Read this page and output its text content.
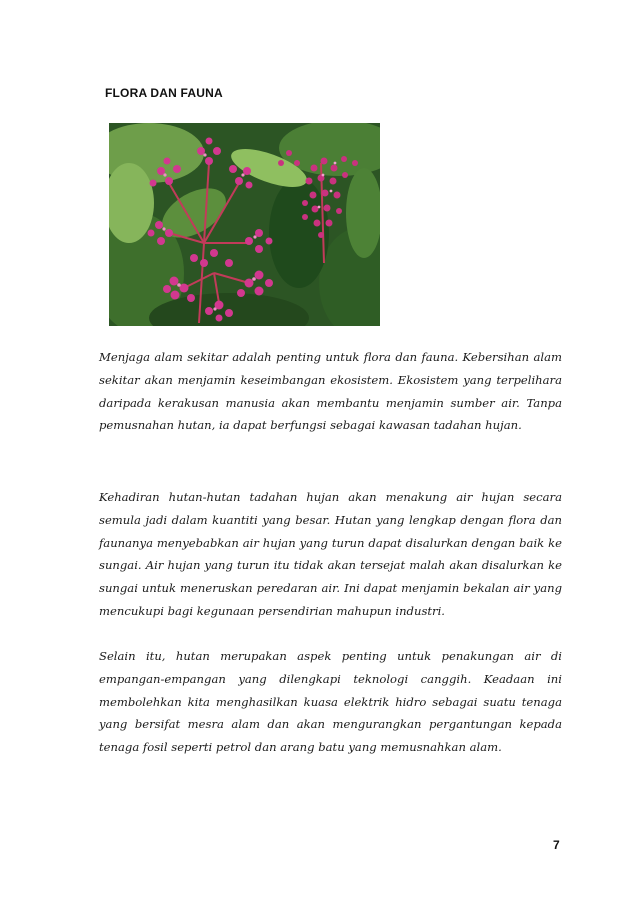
FLORA DAN FAUNA

Menjaga alam sekitar adalah penting untuk flora dan fauna. Kebersihan alam sekitar akan menjamin keseimbangan ekosistem. Ekosistem yang terpelihara daripada kerakusan manusia akan membantu menjamin sumber air. Tanpa pemusnahan hutan, ia dapat berfungsi sebagai kawasan tadahan hujan.

Kehadiran hutan-hutan tadahan hujan akan menakung air hujan secara semula jadi dalam kuantiti yang besar. Hutan yang lengkap dengan flora dan faunanya menyebabkan air hujan yang turun dapat disalurkan dengan baik ke sungai. Air hujan yang turun itu tidak akan tersejat malah akan disalurkan ke sungai untuk meneruskan peredaran air. Ini dapat menjamin bekalan air yang mencukupi bagi kegunaan persendirian mahupun industri.

Selain itu, hutan merupakan aspek penting untuk penakungan air di empangan-empangan yang dilengkapi teknologi canggih. Keadaan ini membolehkan kita menghasilkan kuasa elektrik hidro sebagai suatu tenaga yang bersifat mesra alam dan akan mengurangkan pergantungan kepada tenaga fosil seperti petrol dan arang batu yang memusnahkan alam.

7
